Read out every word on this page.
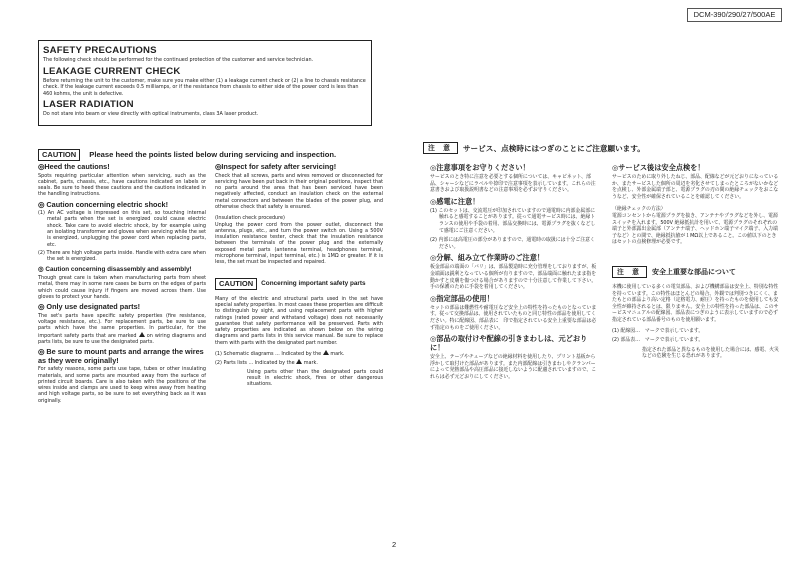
DCM-390/290/27/500AE
SAFETY PRECAUTIONS

The following check should be performed for the continued protection of the customer and service technician.

LEAKAGE CURRENT CHECK

Before returning the unit to the customer, make sure you make either (1) a leakage current check or (2) a line to chassis resistance check. If the leakage current exceeds 0.5 milliamps, or if the resistance from chassis to either side of the power cord is less than 460 kohms, the unit is defective.

LASER RADIATION

Do not stare into beam or view directly with optical instruments, class 3A laser product.

CAUTION Please heed the points listed below during servicing and inspection.
◎Heed the cautions!

Spots requiring particular attention when servicing, such as the cabinet, parts, chassis, etc., have cautions indicated on labels or seals. Be sure to heed these cautions and the cautions indicated in the handling instructions.

◎ Caution concerning electric shock!

(1) An AC voltage is impressed on this set, so touching internal metal parts when the set is energized could cause electric shock. Take care to avoid electric shock, by for example using an isolating transformer and gloves when servicing while the set is energized, unplugging the power cord when replacing parts, etc.

(2) There are high voltage parts inside. Handle with extra care when the set is energized.

◎ Caution concerning disassembly and assembly!

Though great care is taken when manufacturing parts from sheet metal, there may in some rare cases be burrs on the edges of parts which could cause injury if fingers are moved across them. Use gloves to protect your hands.

◎ Only use designated parts!

The set's parts have specific safety properties (fire resistance, voltage resistance, etc.). For replacement parts, be sure to use parts which have the same properties. In particular, for the important safety parts that are marked on wiring diagrams and parts lists, be sure to use the designated parts.

◎ Be sure to mount parts and arrange the wires as they were originally!

For safety reasons, some parts use tape, tubes or other insulating materials, and some parts are mounted away from the surface of printed circuit boards. Care is also taken with the positions of the wires inside and clamps are used to keep wires away from heating and high voltage parts, so be sure to set everything back as it was originally.

◎Inspect for safety after servicing!

Check that all screws, parts and wires removed or disconnected for servicing have been put back in their original positions, inspect that no parts around the area that has been serviced have been negatively affected, conduct an insulation check on the external metal connectors and between the blades of the power plug, and otherwise check that safety is ensured.

(Insulation check procedure)

Unplug the power cord from the power outlet, disconnect the antenna, plugs, etc., and turn the power switch on. Using a 500V insulation resistance tester, check that the insulation resistance between the terminals of the power plug and the externally exposed metal parts (antenna terminal, headphones terminal, microphone terminal, input terminal, etc.) is 1MΩ or greater. If it is less, the set must be inspected and repaired.

CAUTION	Concerning important safety parts

Many of the electric and structural parts used in the set have special safety properties. In most cases these properties are difficult to distinguish by sight, and using replacement parts with higher ratings (rated power and withstand voltage) does not necessarily guarantee that safety performance will be preserved. Parts with safety properties are indicated as shown below on the wiring diagrams and parts lists in this service manual. Be sure to replace them with parts with the designated part number.

(1) Schematic diagrams ... Indicated by the mark.

(2) Parts lists ... Indicated by the mark.

Using parts other than the designated parts could result in electric shock, fires or other dangerous situations.

注 意	サービス、点検時にはつぎのことにご注意願います。
◎注意事項をお守りください！

サービスのとき特に注意を必要とする個所については、キャビネット、部品、シャーシなどにラベルや捺印で注意事項を表示しています。これらの注意書きおよび取扱説明書などの注意事項を必ずお守りください。

◎感電に注意！

(1) このセットは、交流電圧が印加されていますので通電時に内部金属部に触れると感電することがあります。従って通電サービス時には、絶縁トランスの使用や手袋の着用、部品交換時には、電源プラグを抜くなどして感電にご注意ください。

(2) 内部には高電圧の部分がありますので、通電時の取扱には十分ご注意ください。

◎分解、組み立て作業時のご注意！

板金部品の端面の「バリ」は、部品製造時に充分管理をしておりますが、板金端面は鋭利となっている個所が有りますので、部品端面に触れたまま指を動かすと皮膚を傷つける場合がありますので十分注意して作業して下さい。手の保護のために手袋を着用してください。

◎指定部品の使用！

セットの部品は難燃性や耐電圧など安全上の特性を持ったものとなっています。従って交換部品は、使用されていたものと同じ特性の部品を使用してください。特に配線図、部品表に　印で指定されている安全上重要な部品は必ず指定のものをご使用ください。

◎部品の取付けや配線の引きまわしは、元どおりに！

安全上、テープやチューブなどの絶縁材料を使用したり、プリント基板から浮かして取付けた部品があります。また内部配線は引きまわしやクランパーによって発熱部品や高圧部品に接近しないように配慮されていますので、これらは必ず元どおりにしてください。

◎サービス後は安全点検を！

サービスのために取り外したねじ、部品、配線などが元どおりになっているか、またサービスした個所の周辺を劣化させてしまったところがないかなどを点検し、外部金属端子部と、電源プラグの刃の間の絶縁チェックをおこなうなど、安全性が確保されていることを確認してください。

（絶縁チェックの方法）

電源コンセントから電源プラグを抜き、アンテナやプラグなどを外し、電源スイッチを入れます。500V 絶縁抵抗計を用いて、電源プラグのそれぞれの端子と外部露出金属部（アンテナ端子、ヘッドホン端子マイク端子、入力端子など）との間で、絶縁抵抗値が１MΩ以上であること。この値以下のときはセットの点検修理が必要です。

注 意	安全上重要な部品について

本機に使用している多くの電気部品、および機構部品は安全上、特別な特性を持っています。この特性はほとんどの場合、外観では判別つきにくく、またもとの部品より高い定格（定格電力、耐圧）を持ったものを使用しても安全性が維持されるとは、限りません。安全上の特性を持った部品は、このサービスマニュアルの配線図、部品表につぎのように表示していますので必ず指定されている部品番号のものを使用願います。

(1) 配線図…　マークで表示しています。

(2) 部品表…　マークで表示しています。

指定された部品と異なるものを使用した場合には、感電、火災などの危険を生じる恐れがあります。

2
